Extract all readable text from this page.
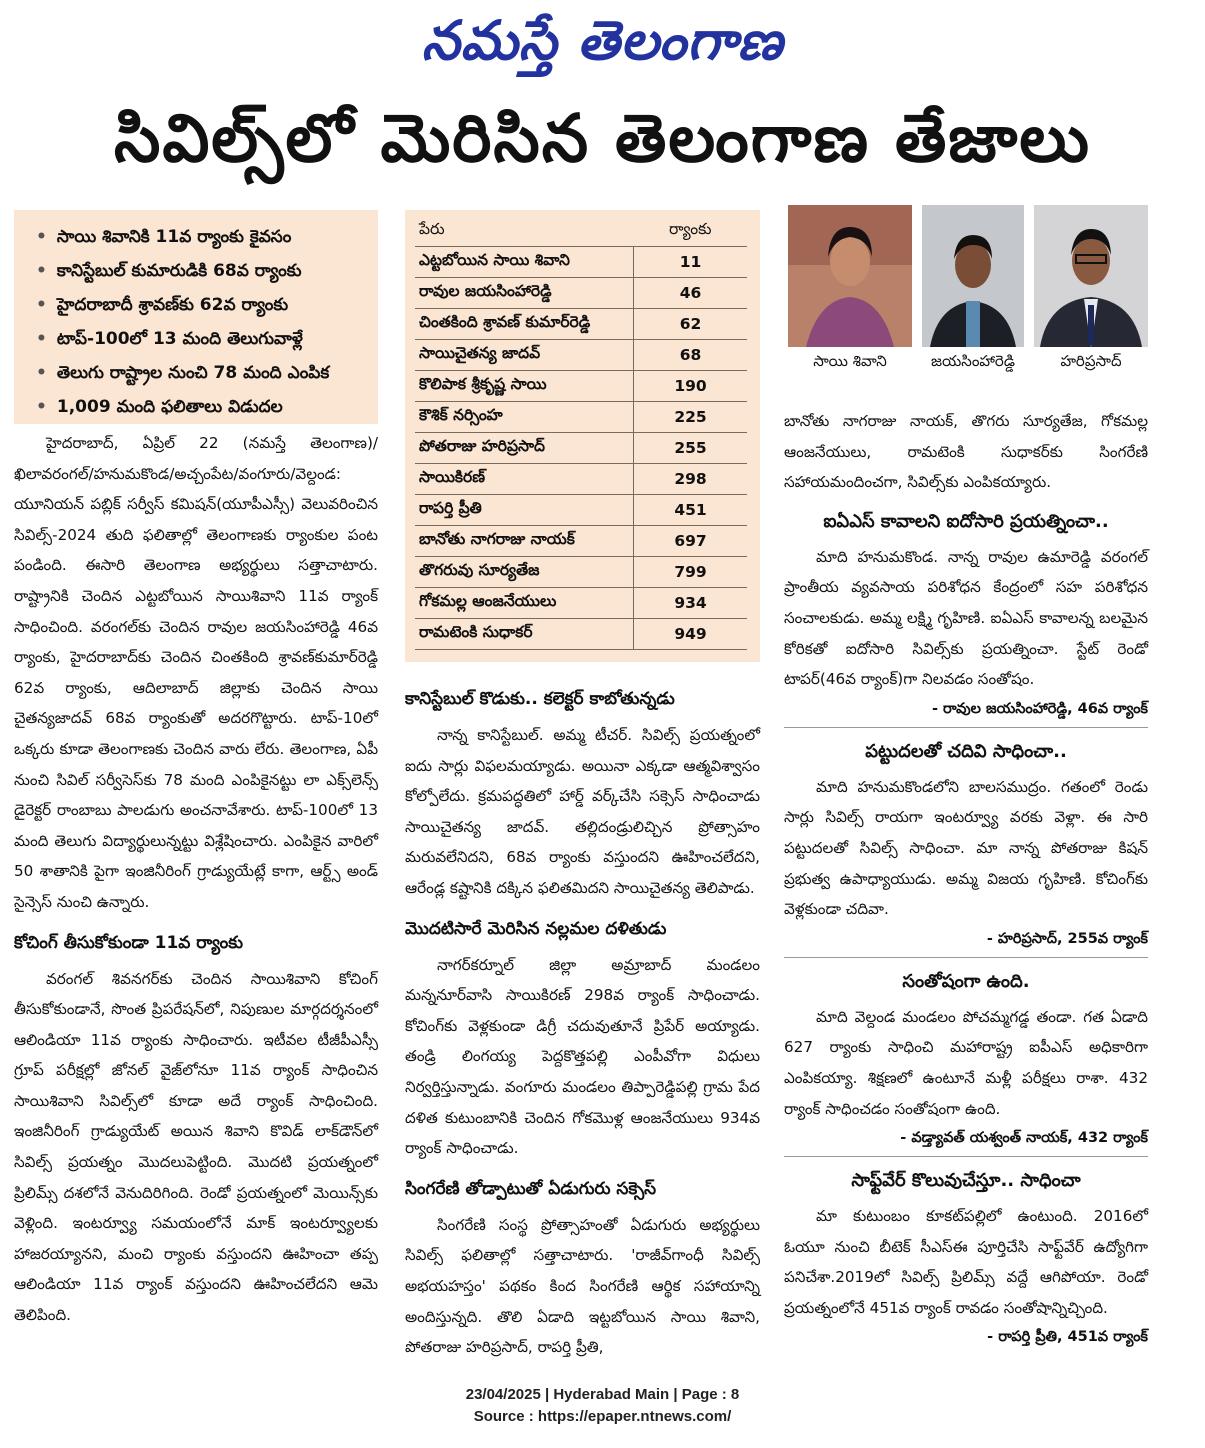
నమస్తే తెలంగాణ
సివిల్స్‌లో మెరిసిన తెలంగాణ తేజాలు
• సాయి శివానికి 11వ ర్యాంకు కైవసం
• కానిస్టేబుల్ కుమారుడికి 68వ ర్యాంకు
• హైదరాబాదీ శ్రావణ్‌కు 62వ ర్యాంకు
• టాప్-100లో 13 మంది తెలుగువాళ్లే
• తెలుగు రాష్ట్రాల నుంచి 78 మంది ఎంపిక
• 1,009 మంది ఫలితాలు విడుదల

హైదరాబాద్, ఏప్రిల్ 22 (నమస్తే తెలంగాణ)/ ఖిలావరంగల్/హనుమకొండ/అచ్చంపేట/వంగూరు/వెల్దండ: యూనియన్ పబ్లిక్ సర్వీస్ కమిషన్(యూపీఎస్సీ) వెలువరించిన సివిల్స్-2024 తుది ఫలితాల్లో తెలంగాణకు ర్యాంకుల పంట పండింది. ఈసారి తెలంగాణ అభ్యర్థులు సత్తాచాటారు. రాష్ట్రానికి చెందిన ఎట్టబోయిన సాయిశివాని 11వ ర్యాంక్ సాధించింది. వరంగల్‌కు చెందిన రావుల జయసింహారెడ్డి 46వ ర్యాంకు, హైదరాబాద్‌కు చెందిన చింతకింది శ్రావణ్‌కుమార్‌రెడ్డి 62వ ర్యాంకు, ఆదిలాబాద్ జిల్లాకు చెందిన సాయి చైతన్యజాదవ్ 68వ ర్యాంకుతో అదరగొట్టారు. టాప్-10లో ఒక్కరు కూడా తెలంగాణకు చెందిన వారు లేరు. తెలంగాణ, ఏపీ నుంచి సివిల్ సర్వీసెస్‌కు 78 మంది ఎంపికైనట్టు లా ఎక్స్‌లెన్స్ డైరెక్టర్ రాంబాబు పాలడుగు అంచనావేశారు. టాప్-100లో 13 మంది తెలుగు విద్యార్థులున్నట్టు విశ్లేషించారు. ఎంపికైన వారిలో 50 శాతానికి పైగా ఇంజినీరింగ్ గ్రాడ్యుయేట్లే కాగా, ఆర్ట్స్ అండ్ సైన్సెస్ నుంచి ఉన్నారు.

కోచింగ్ తీసుకోకుండా 11వ ర్యాంకు

వరంగల్ శివనగర్‌కు చెందిన సాయిశివాని కోచింగ్ తీసుకోకుండానే, సొంత ప్రిపరేషన్‌లో, నిపుణుల మార్గదర్శనంలో ఆలిండియా 11వ ర్యాంకు సాధించారు. ఇటీవల టీజీపీఎస్సీ గ్రూప్ పరీక్షల్లో జోనల్ వైజ్‌లోనూ 11వ ర్యాంక్ సాధించిన సాయిశివాని సివిల్స్‌లో కూడా అదే ర్యాంక్ సాధించింది. ఇంజినీరింగ్ గ్రాడ్యుయేట్ అయిన శివాని కొవిడ్ లాక్‌డౌన్‌లో సివిల్స్ ప్రయత్నం మొదలుపెట్టింది. మొదటి ప్రయత్నంలో ప్రిలిమ్స్ దశలోనే వెనుదిరిగింది. రెండో ప్రయత్నంలో మెయిన్స్‌కు వెళ్లింది. ఇంటర్వ్యూ సమయంలోనే మాక్ ఇంటర్వ్యూలకు హాజరయ్యానని, మంచి ర్యాంకు వస్తుందని ఊహించా తప్ప ఆలిండియా 11వ ర్యాంక్ వస్తుందని ఊహించలేదని ఆమె తెలిపింది.

పేరు	ర్యాంకు
ఎట్టబోయిన సాయి శివాని	11
రావుల జయసింహారెడ్డి	46
చింతకింది శ్రావణ్ కుమార్‌రెడ్డి	62
సాయిచైతన్య జాదవ్	68
కొలిపాక శ్రీకృష్ణ సాయి	190
కౌశిక్ నర్సింహ	225
పోతరాజు హరిప్రసాద్	255
సాయికిరణ్	298
రాపర్తి ప్రీతి	451
బానోతు నాగరాజు నాయక్	697
తొగరువు సూర్యతేజ	799
గోకమల్ల ఆంజనేయులు	934
రామటెంకి సుధాకర్	949
సాయి శివాని	జయసింహారెడ్డి	హరిప్రసాద్
కానిస్టేబుల్ కొడుకు.. కలెక్టర్ కాబోతున్నడు

నాన్న కానిస్టేబుల్. అమ్మ టీచర్. సివిల్స్ ప్రయత్నంలో ఐదు సార్లు విఫలమయ్యాడు. అయినా ఎక్కడా ఆత్మవిశ్వాసం కోల్పోలేదు. క్రమపద్ధతిలో హార్డ్ వర్క్‌చేసి సక్సెస్ సాధించాడు సాయిచైతన్య జాదవ్. తల్లిదండ్రులిచ్చిన ప్రోత్సాహం మరువలేనిదని, 68వ ర్యాంకు వస్తుందని ఊహించలేదని, ఆరేండ్ల కష్టానికి దక్కిన ఫలితమిదని సాయిచైతన్య తెలిపాడు.

మొదటిసారే మెరిసిన నల్లమల దళితుడు

నాగర్‌కర్నూల్ జిల్లా అమ్రాబాద్ మండలం మన్ననూర్‌వాసి సాయికిరణ్ 298వ ర్యాంక్ సాధించాడు. కోచింగ్‌కు వెళ్లకుండా డిగ్రీ చదువుతూనే ప్రిపేర్ అయ్యాడు. తండ్రి లింగయ్య పెద్దకొత్తపల్లి ఎంపీవోగా విధులు నిర్వర్తిస్తున్నాడు. వంగూరు మండలం తిప్పారెడ్డిపల్లి గ్రామ పేద దళిత కుటుంబానికి చెందిన గోకమొళ్ల ఆంజనేయులు 934వ ర్యాంక్ సాధించాడు.

సింగరేణి తోడ్పాటుతో ఏడుగురు సక్సెస్

సింగరేణి సంస్థ ప్రోత్సాహంతో ఏడుగురు అభ్యర్థులు సివిల్స్ ఫలితాల్లో సత్తాచాటారు. 'రాజీవ్‌గాంధీ సివిల్స్ అభయహస్తం' పథకం కింద సింగరేణి ఆర్థిక సహాయాన్ని అందిస్తున్నది. తొలి ఏడాది ఇట్టబోయిన సాయి శివాని, పోతరాజు హరిప్రసాద్, రాపర్తి ప్రీతి,

బానోతు నాగరాజు నాయక్, తొగరు సూర్యతేజ, గోకమల్ల ఆంజనేయులు, రామటెంకి సుధాకర్‌కు సింగరేణి సహాయమందించగా, సివిల్స్‌కు ఎంపికయ్యారు.

ఐఏఎస్ కావాలని ఐదోసారి ప్రయత్నించా..

మాది హనుమకొండ. నాన్న రావుల ఉమారెడ్డి వరంగల్ ప్రాంతీయ వ్యవసాయ పరిశోధన కేంద్రంలో సహ పరిశోధన సంచాలకుడు. అమ్మ లక్ష్మి గృహిణి. ఐఏఎస్ కావాలన్న బలమైన కోరికతో ఐదోసారి సివిల్స్‌కు ప్రయత్నించా. స్టేట్ రెండో టాపర్(46వ ర్యాంక్)గా నిలవడం సంతోషం.

- రావుల జయసింహారెడ్డి, 46వ ర్యాంక్
పట్టుదలతో చదివి సాధించా..

మాది హనుమకొండలోని బాలసముద్రం. గతంలో రెండు సార్లు సివిల్స్ రాయగా ఇంటర్వ్యూ వరకు వెళ్లా. ఈ సారి పట్టుదలతో సివిల్స్ సాధించా. మా నాన్న పోతరాజు కిషన్ ప్రభుత్వ ఉపాధ్యాయుడు. అమ్మ విజయ గృహిణి. కోచింగ్‌కు వెళ్లకుండా చదివా.

- హరిప్రసాద్, 255వ ర్యాంక్
సంతోషంగా ఉంది.

మాది వెల్దండ మండలం పోచమ్మగడ్డ తండా. గత ఏడాది 627 ర్యాంకు సాధించి మహారాష్ట్ర ఐపీఎస్ అధికారిగా ఎంపికయ్యా. శిక్షణలో ఉంటూనే మళ్లీ పరీక్షలు రాశా. 432 ర్యాంక్ సాధించడం సంతోషంగా ఉంది.

- వడ్త్యావత్ యశ్వంత్ నాయక్, 432 ర్యాంక్
సాఫ్ట్‌వేర్ కొలువుచేస్తూ.. సాధించా

మా కుటుంబం కూకట్‌పల్లిలో ఉంటుంది. 2016లో ఓయూ నుంచి బీటెక్ సీఎస్‌ఈ పూర్తిచేసి సాఫ్ట్‌వేర్ ఉద్యోగిగా పనిచేశా.2019లో సివిల్స్ ప్రిలిమ్స్ వద్దే ఆగిపోయా. రెండో ప్రయత్నంలోనే 451వ ర్యాంక్ రావడం సంతోషాన్నిచ్చింది.

- రాపర్తి ప్రీతి, 451వ ర్యాంక్
23/04/2025 | Hyderabad Main | Page : 8
Source : https://epaper.ntnews.com/
